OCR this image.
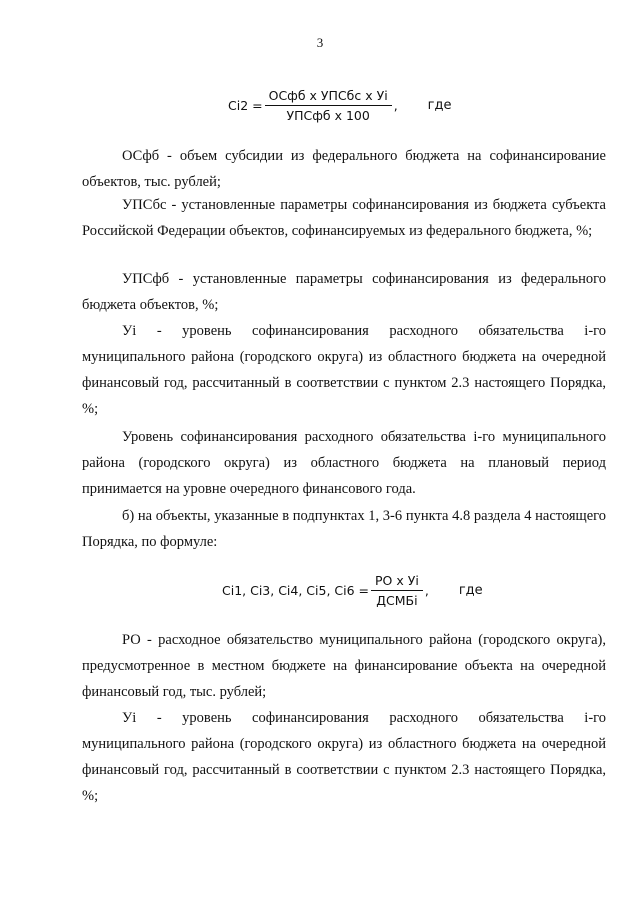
3
$Ci2 = \frac{\text{ОСфб x УПСбс x Уi}}{\text{УПСфб x 100}}$ , где

ОСфб - объем субсидии из федерального бюджета на софинансирование объектов, тыс. рублей;

УПСбс - установленные параметры софинансирования из бюджета субъекта Российской Федерации объектов, софинансируемых из федерального бюджета, %;

УПСфб - установленные параметры софинансирования из федерального бюджета объектов, %;

Уi - уровень софинансирования расходного обязательства i-го муниципального района (городского округа) из областного бюджета на очередной финансовый год, рассчитанный в соответствии с пунктом 2.3 настоящего Порядка, %;

Уровень софинансирования расходного обязательства i-го муниципального района (городского округа) из областного бюджета на плановый период принимается на уровне очередного финансового года.

б) на объекты, указанные в подпунктах 1, 3-6 пункта 4.8 раздела 4 настоящего Порядка, по формуле:

Ci1, Ci3, Ci4, Ci5, $Ci6 = \frac{\text{РО x Уi}}{\text{ДСМБi}}$ , где

РО - расходное обязательство муниципального района (городского округа), предусмотренное в местном бюджете на финансирование объекта на очередной финансовый год, тыс. рублей;

Уi - уровень софинансирования расходного обязательства i-го муниципального района (городского округа) из областного бюджета на очередной финансовый год, рассчитанный в соответствии с пунктом 2.3 настоящего Порядка, %;
